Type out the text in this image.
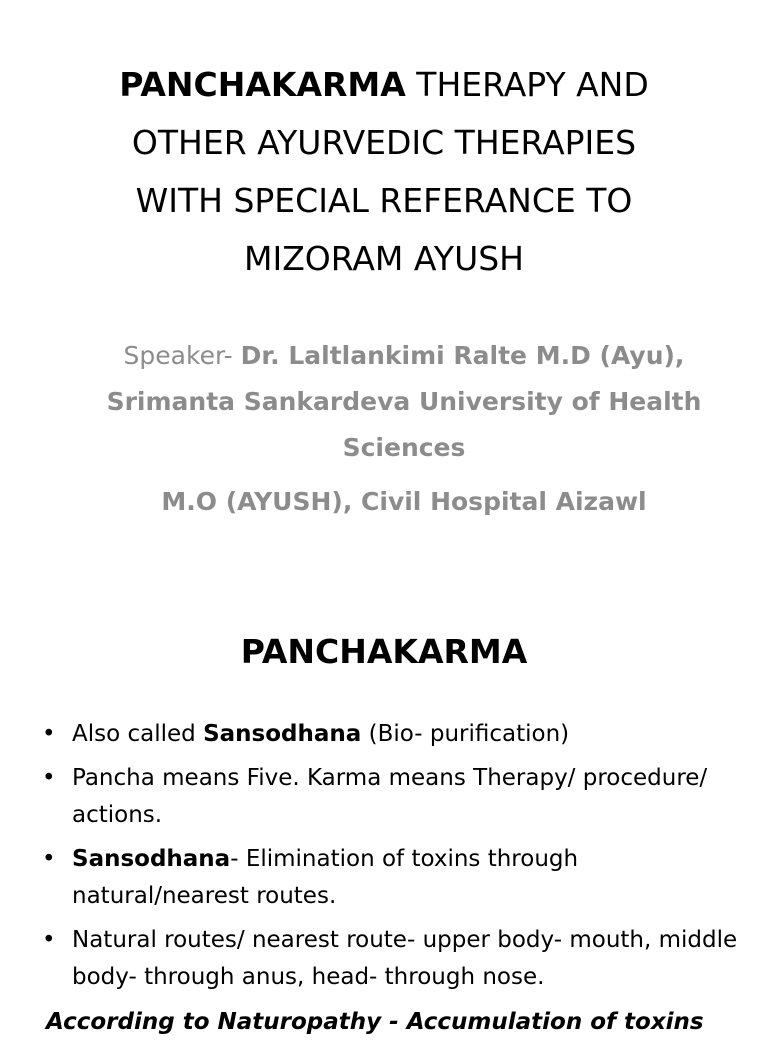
PANCHAKARMA THERAPY AND
OTHER AYURVEDIC THERAPIES
WITH SPECIAL REFERANCE TO
MIZORAM AYUSH
Speaker- Dr. Laltlankimi Ralte M.D (Ayu),
Srimanta Sankardeva University of Health
Sciences
M.O (AYUSH), Civil Hospital Aizawl
PANCHAKARMA
• Also called Sansodhana (Bio- purification)
• Pancha means Five. Karma means Therapy/ procedure/ actions.
• Sansodhana- Elimination of toxins through natural/nearest routes.
• Natural routes/ nearest route- upper body- mouth, middle body- through anus, head- through nose.
According to Naturopathy - Accumulation of toxins
